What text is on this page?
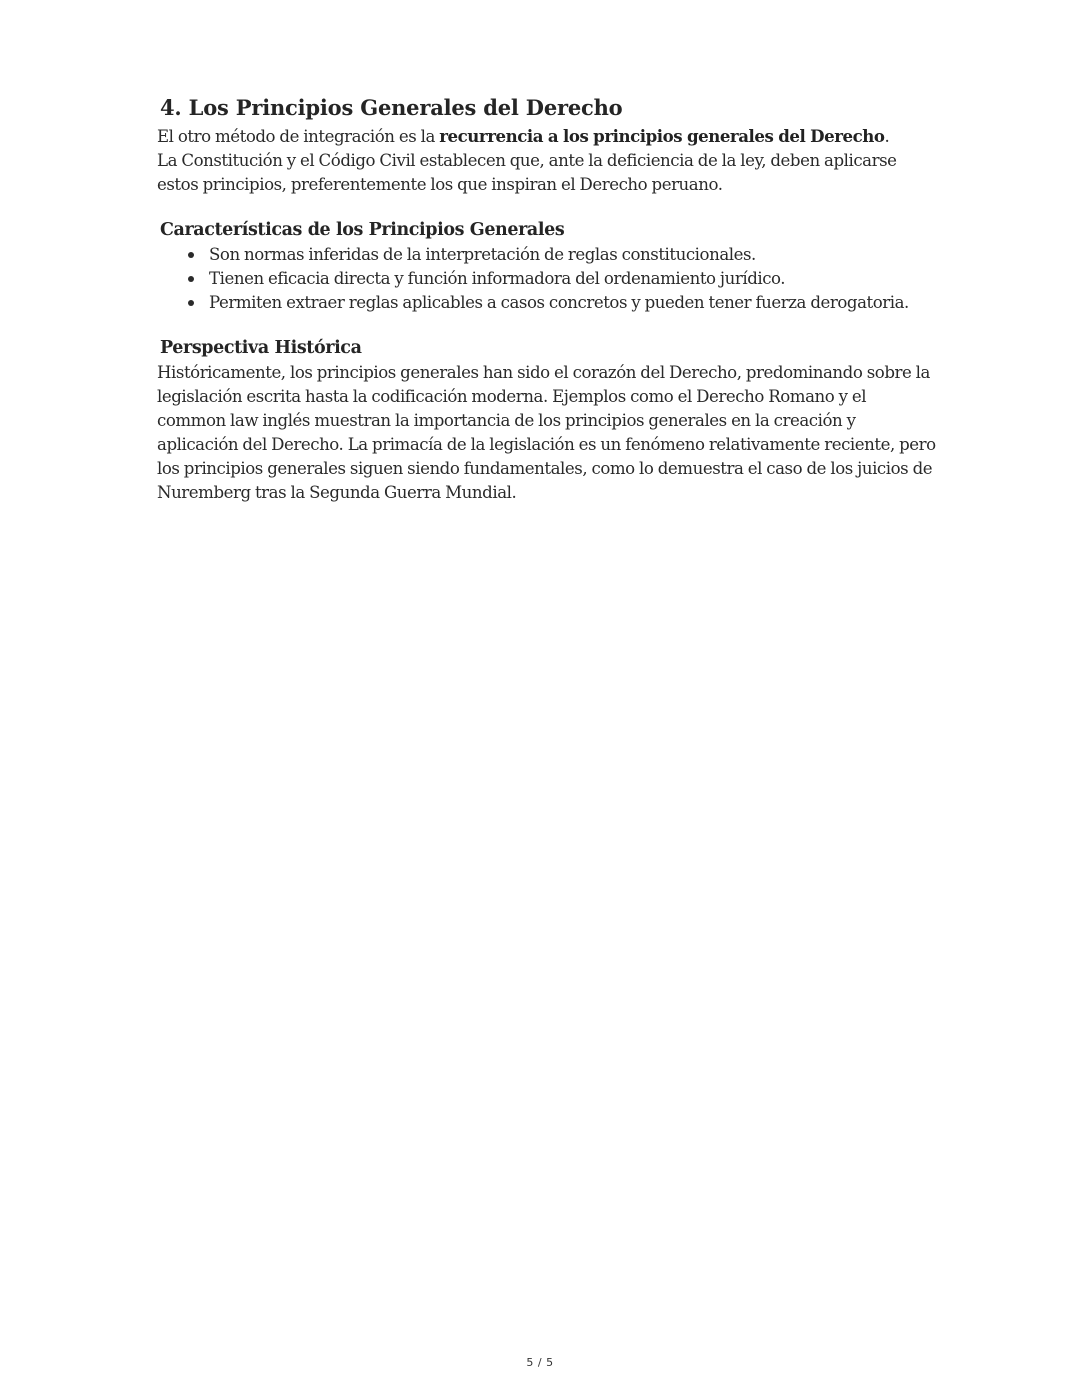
4. Los Principios Generales del Derecho

El otro método de integración es la recurrencia a los principios generales del Derecho.
La Constitución y el Código Civil establecen que, ante la deficiencia de la ley, deben aplicarse estos principios, preferentemente los que inspiran el Derecho peruano.

Características de los Principios Generales
Son normas inferidas de la interpretación de reglas constitucionales.
Tienen eficacia directa y función informadora del ordenamiento jurídico.
Permiten extraer reglas aplicables a casos concretos y pueden tener fuerza derogatoria.
Perspectiva Histórica

Históricamente, los principios generales han sido el corazón del Derecho, predominando sobre la legislación escrita hasta la codificación moderna. Ejemplos como el Derecho Romano y el common law inglés muestran la importancia de los principios generales en la creación y aplicación del Derecho. La primacía de la legislación es un fenómeno relativamente reciente, pero los principios generales siguen siendo fundamentales, como lo demuestra el caso de los juicios de Nuremberg tras la Segunda Guerra Mundial.

5 / 5
